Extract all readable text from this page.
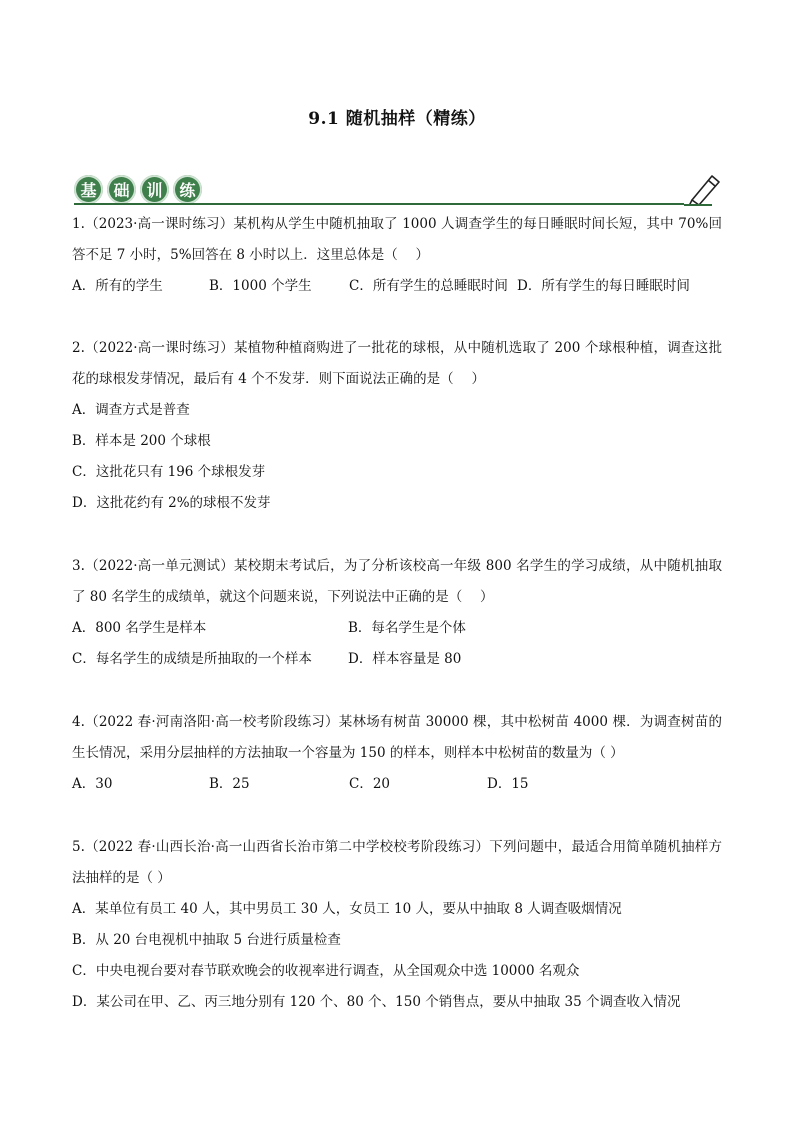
9.1 随机抽样（精练）
基	础	训	练
1.（2023·高一课时练习）某机构从学生中随机抽取了 1000 人调查学生的每日睡眠时间长短，其中 70%回答不足 7 小时，5%回答在 8 小时以上．这里总体是（　 ）
A．所有的学生	B．1000 个学生	C．所有学生的总睡眠时间 D．所有学生的每日睡眠时间
2.（2022·高一课时练习）某植物种植商购进了一批花的球根，从中随机选取了 200 个球根种植，调查这批花的球根发芽情况，最后有 4 个不发芽．则下面说法正确的是（　 ）
A．调查方式是普查
B．样本是 200 个球根
C．这批花只有 196 个球根发芽
D．这批花约有 2%的球根不发芽
3.（2022·高一单元测试）某校期末考试后，为了分析该校高一年级 800 名学生的学习成绩，从中随机抽取了 80 名学生的成绩单，就这个问题来说，下列说法中正确的是（　 ）
A．800 名学生是样本	B．每名学生是个体
C．每名学生的成绩是所抽取的一个样本	D．样本容量是 80
4.（2022 春·河南洛阳·高一校考阶段练习）某林场有树苗 30000 棵，其中松树苗 4000 棵．为调查树苗的生长情况，采用分层抽样的方法抽取一个容量为 150 的样本，则样本中松树苗的数量为（ ）
A．30	B．25	C．20	D．15
5.（2022 春·山西长治·高一山西省长治市第二中学校校考阶段练习）下列问题中，最适合用简单随机抽样方法抽样的是（ ）
A．某单位有员工 40 人，其中男员工 30 人，女员工 10 人，要从中抽取 8 人调查吸烟情况
B．从 20 台电视机中抽取 5 台进行质量检查
C．中央电视台要对春节联欢晚会的收视率进行调查，从全国观众中选 10000 名观众
D．某公司在甲、乙、丙三地分别有 120 个、80 个、150 个销售点，要从中抽取 35 个调查收入情况
